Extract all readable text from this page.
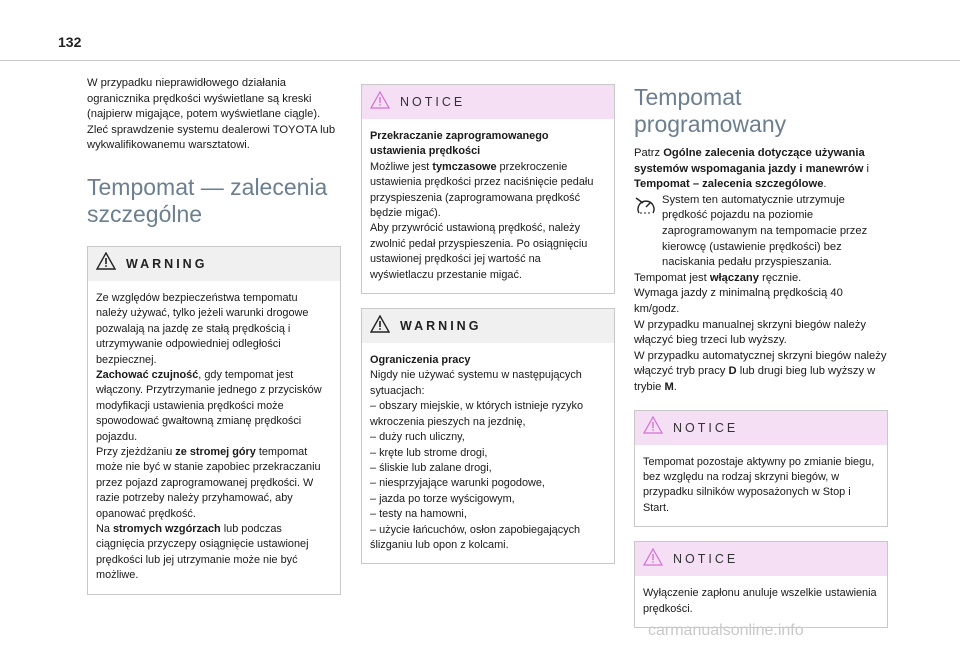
132

W przypadku nieprawidłowego działania ogranicznika prędkości wyświetlane są kreski (najpierw migające, potem wyświetlane ciągle). Zleć sprawdzenie systemu dealerowi TOYOTA lub wykwalifikowanemu warsztatowi.

Tempomat — zalecenia szczególne
WARNING

Ze względów bezpieczeństwa tempomatu należy używać, tylko jeżeli warunki drogowe pozwalają na jazdę ze stałą prędkością i utrzymywanie odpowiedniej odległości bezpiecznej.

Zachować czujność, gdy tempomat jest włączony. Przytrzymanie jednego z przycisków modyfikacji ustawienia prędkości może spowodować gwałtowną zmianę prędkości pojazdu.

Przy zjeżdżaniu ze stromej góry tempomat może nie być w stanie zapobiec przekraczaniu przez pojazd zaprogramowanej prędkości. W razie potrzeby należy przyhamować, aby opanować prędkość.

Na stromych wzgórzach lub podczas ciągnięcia przyczepy osiągnięcie ustawionej prędkości lub jej utrzymanie może nie być możliwe.

NOTICE

Przekraczanie zaprogramowanego ustawienia prędkości

Możliwe jest tymczasowe przekroczenie ustawienia prędkości przez naciśnięcie pedału przyspieszenia (zaprogramowana prędkość będzie migać).

Aby przywrócić ustawioną prędkość, należy zwolnić pedał przyspieszenia. Po osiągnięciu ustawionej prędkości jej wartość na wyświetlaczu przestanie migać.

WARNING

Ograniczenia pracy

Nigdy nie używać systemu w następujących sytuacjach:

– obszary miejskie, w których istnieje ryzyko wkroczenia pieszych na jezdnię,

– duży ruch uliczny,

– kręte lub strome drogi,

– śliskie lub zalane drogi,

– niesprzyjające warunki pogodowe,

– jazda po torze wyścigowym,

– testy na hamowni,

– użycie łańcuchów, osłon zapobiegających ślizganiu lub opon z kolcami.

Tempomat programowany

Patrz Ogólne zalecenia dotyczące używania systemów wspomagania jazdy i manewrów i Tempomat – zalecenia szczególowe.

System ten automatycznie utrzymuje prędkość pojazdu na poziomie zaprogramowanym na tempomacie przez kierowcę (ustawienie prędkości) bez naciskania pedału przyspieszania.

Tempomat jest włączany ręcznie.

Wymaga jazdy z minimalną prędkością 40 km/godz.

W przypadku manualnej skrzyni biegów należy włączyć bieg trzeci lub wyższy.

W przypadku automatycznej skrzyni biegów należy włączyć tryb pracy D lub drugi bieg lub wyższy w trybie M.

NOTICE

Tempomat pozostaje aktywny po zmianie biegu, bez względu na rodzaj skrzyni biegów, w przypadku silników wyposażonych w Stop i Start.

NOTICE

Wyłączenie zapłonu anuluje wszelkie ustawienia prędkości.

carmanualsonline.info
